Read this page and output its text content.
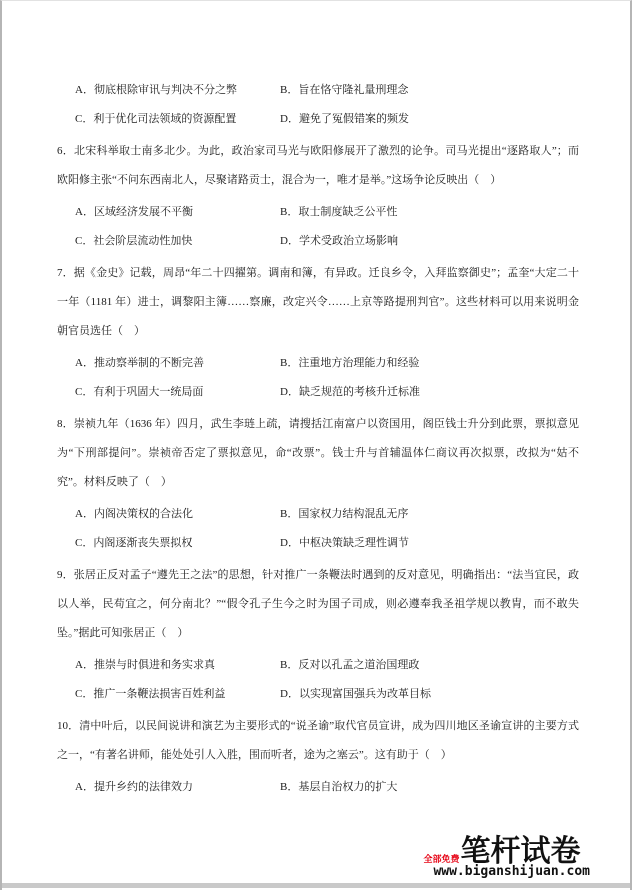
A．彻底根除审讯与判决不分之弊	B．旨在恪守隆礼量刑理念
C．利于优化司法领域的资源配置	D．避免了冤假错案的频发
6．北宋科举取士南多北少。为此，政治家司马光与欧阳修展开了激烈的论争。司马光提出“逐路取人”；而
欧阳修主张“不问东西南北人，尽聚诸路贡士，混合为一，唯才是举。”这场争论反映出（　）
A．区域经济发展不平衡	B．取士制度缺乏公平性
C．社会阶层流动性加快	D．学术受政治立场影响
7．据《金史》记载，周昂“年二十四擢第。调南和簿，有异政。迁良乡令，入拜监察御史”；孟奎“大定二十
一年（1181 年）进士，调黎阳主簿……察廉，改定兴令……上京等路提刑判官”。这些材料可以用来说明金
朝官员选任（　）
A．推动察举制的不断完善	B．注重地方治理能力和经验
C．有利于巩固大一统局面	D．缺乏规范的考核升迁标准
8．崇祯九年（1636 年）四月，武生李琏上疏，请搜括江南富户以资国用，阁臣钱士升分到此票，票拟意见
为“下刑部提问”。崇祯帝否定了票拟意见，命“改票”。钱士升与首辅温体仁商议再次拟票，改拟为“姑不
究”。材料反映了（　）
A．内阁决策权的合法化	B．国家权力结构混乱无序
C．内阁逐渐丧失票拟权	D．中枢决策缺乏理性调节
9．张居正反对孟子“遵先王之法”的思想，针对推广一条鞭法时遇到的反对意见，明确指出：“法当宜民，政
以人举，民苟宜之，何分南北？”“假令孔子生今之时为国子司成，则必遵奉我圣祖学规以教胄，而不敢失
坠。”据此可知张居正（　）
A．推崇与时俱进和务实求真	B．反对以孔孟之道治国理政
C．推广一条鞭法损害百姓利益	D．以实现富国强兵为改革目标
10．清中叶后，以民间说讲和演艺为主要形式的“说圣谕”取代官员宣讲，成为四川地区圣谕宣讲的主要方式
之一，“有著名讲师，能处处引人入胜，围而听者，途为之塞云”。这有助于（　）
A．提升乡约的法律效力	B．基层自治权力的扩大
全部免费 笔杆试卷
www.biganshijuan.com
